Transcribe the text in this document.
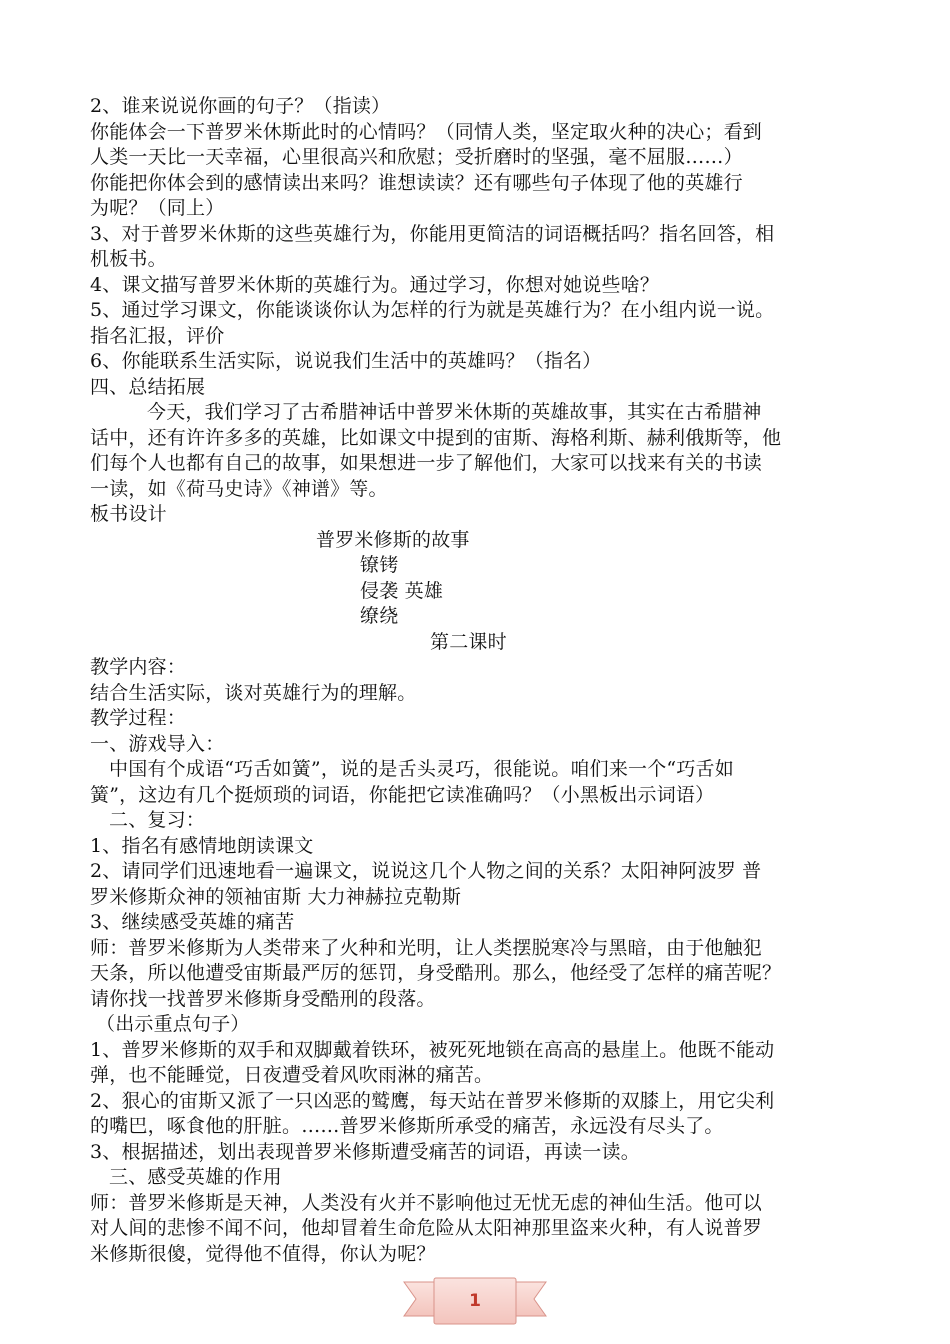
2、谁来说说你画的句子？（指读）
你能体会一下普罗米休斯此时的心情吗？（同情人类，坚定取火种的决心；看到
人类一天比一天幸福，心里很高兴和欣慰；受折磨时的坚强，毫不屈服……）
你能把你体会到的感情读出来吗？谁想读读？还有哪些句子体现了他的英雄行
为呢？（同上）
3、对于普罗米休斯的这些英雄行为，你能用更简洁的词语概括吗？指名回答，相
机板书。
4、课文描写普罗米休斯的英雄行为。通过学习，你想对她说些啥？
5、通过学习课文，你能谈谈你认为怎样的行为就是英雄行为？在小组内说一说。
指名汇报，评价
6、你能联系生活实际，说说我们生活中的英雄吗？（指名）
四、总结拓展
今天，我们学习了古希腊神话中普罗米休斯的英雄故事，其实在古希腊神
话中，还有许许多多的英雄，比如课文中提到的宙斯、海格利斯、赫利俄斯等，他
们每个人也都有自己的故事，如果想进一步了解他们，大家可以找来有关的书读
一读，如《荷马史诗》《神谱》等。
板书设计
普罗米修斯的故事
镣铐
侵袭 英雄
缭绕
第二课时
教学内容：
结合生活实际，谈对英雄行为的理解。
教学过程：
一、游戏导入：
中国有个成语“巧舌如簧”，说的是舌头灵巧，很能说。咱们来一个“巧舌如
簧”，这边有几个挺烦琐的词语，你能把它读准确吗？（小黑板出示词语）
二、复习：
1、指名有感情地朗读课文
2、请同学们迅速地看一遍课文，说说这几个人物之间的关系？太阳神阿波罗 普
罗米修斯众神的领袖宙斯 大力神赫拉克勒斯
3、继续感受英雄的痛苦
师：普罗米修斯为人类带来了火种和光明，让人类摆脱寒冷与黑暗，由于他触犯
天条，所以他遭受宙斯最严厉的惩罚，身受酷刑。那么，他经受了怎样的痛苦呢？
请你找一找普罗米修斯身受酷刑的段落。
（出示重点句子）
1、普罗米修斯的双手和双脚戴着铁环，被死死地锁在高高的悬崖上。他既不能动
弹，也不能睡觉，日夜遭受着风吹雨淋的痛苦。
2、狠心的宙斯又派了一只凶恶的鹫鹰，每天站在普罗米修斯的双膝上，用它尖利
的嘴巴，啄食他的肝脏。……普罗米修斯所承受的痛苦，永远没有尽头了。
3、根据描述，划出表现普罗米修斯遭受痛苦的词语，再读一读。
三、感受英雄的作用
师：普罗米修斯是天神，人类没有火并不影响他过无忧无虑的神仙生活。他可以
对人间的悲惨不闻不问，他却冒着生命危险从太阳神那里盗来火种，有人说普罗
米修斯很傻，觉得他不值得，你认为呢？
1
